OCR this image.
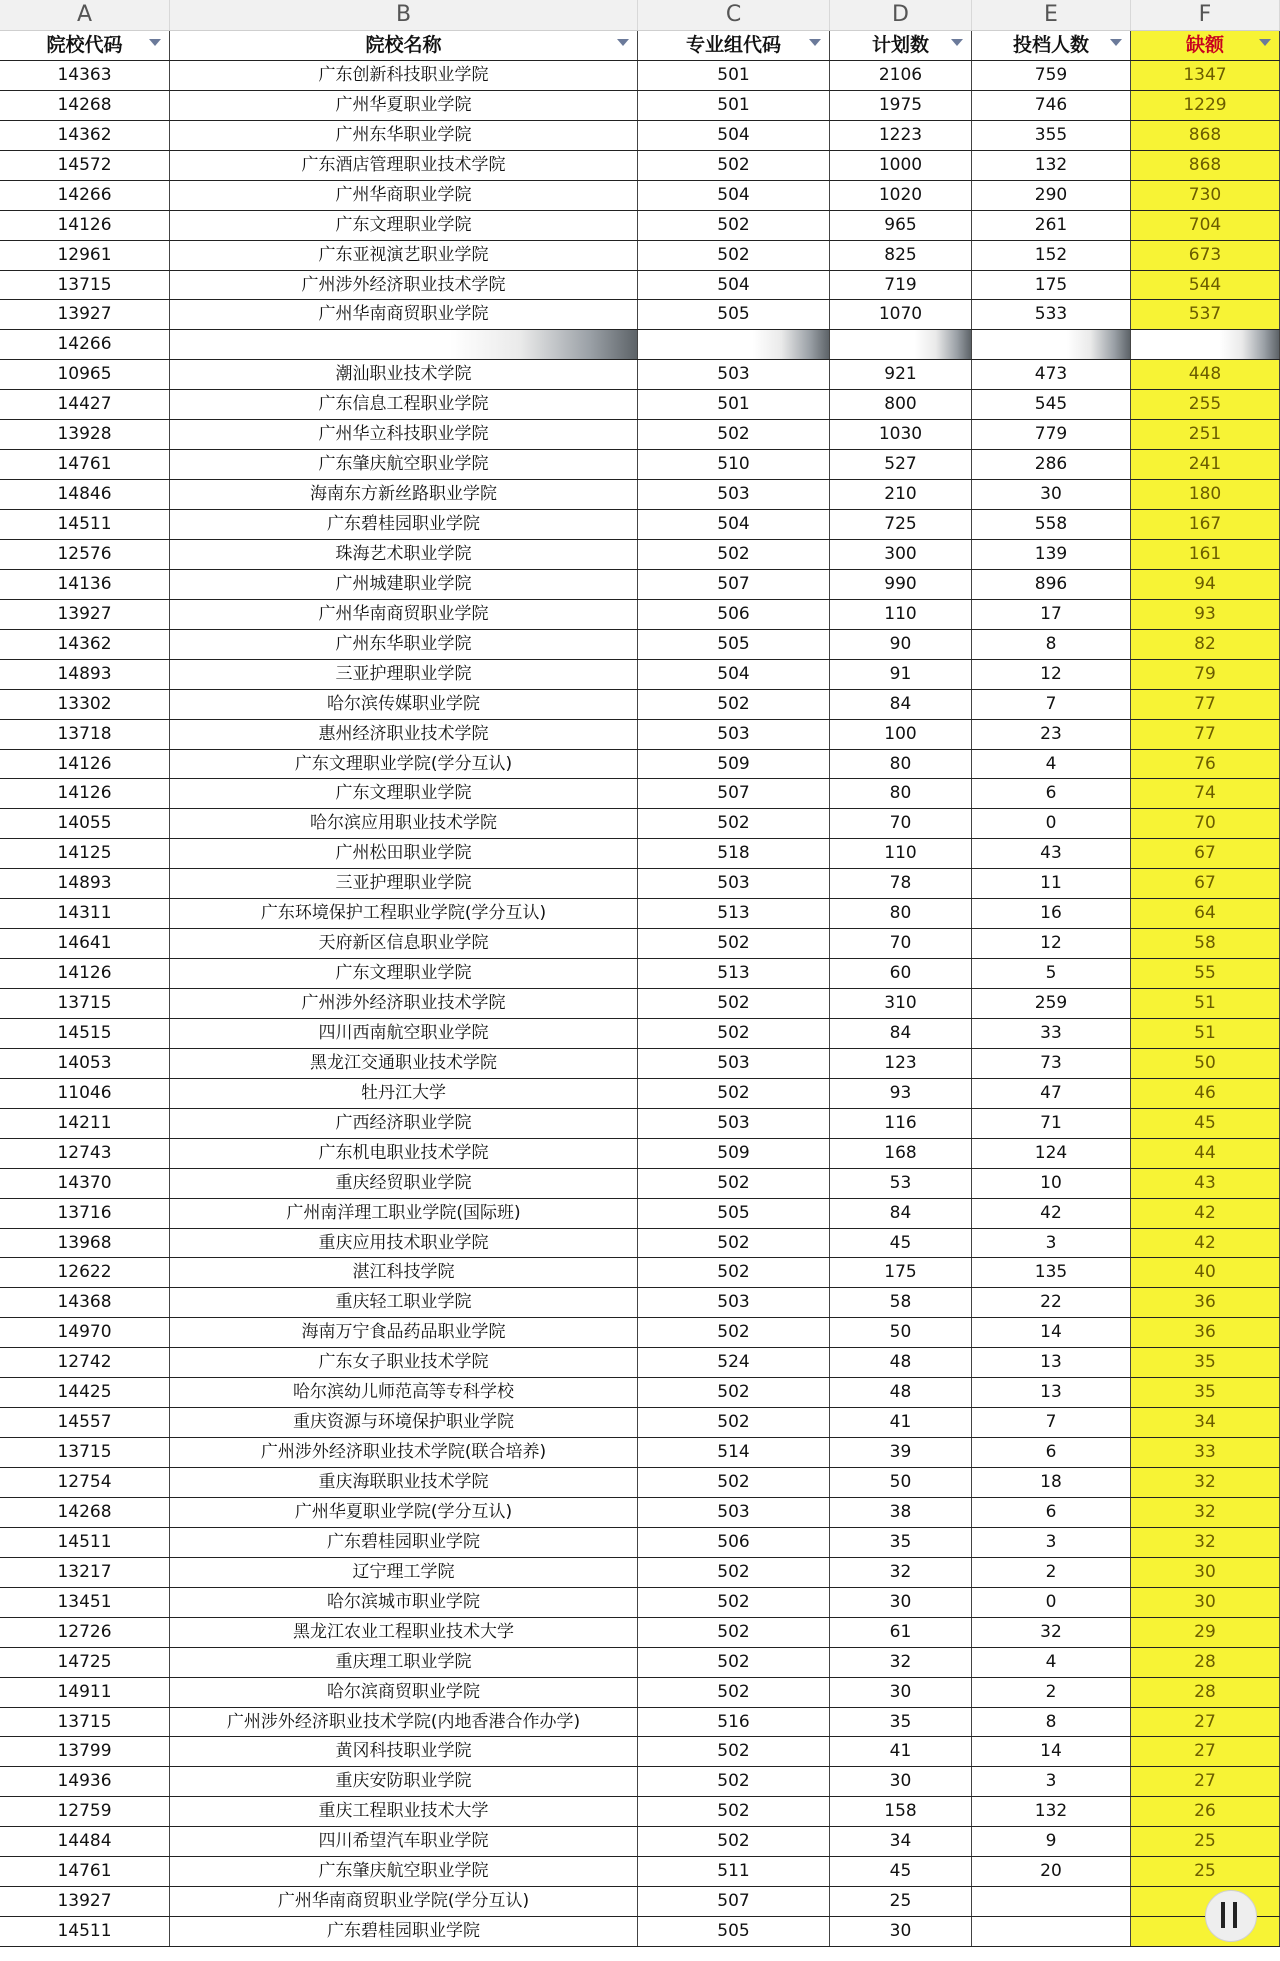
A	B	C	D	E	F
院校代码	院校名称	专业组代码	计划数	投档人数	缺额
14363	广东创新科技职业学院	501	2106	759	1347
14268	广州华夏职业学院	501	1975	746	1229
14362	广州东华职业学院	504	1223	355	868
14572	广东酒店管理职业技术学院	502	1000	132	868
14266	广州华商职业学院	504	1020	290	730
14126	广东文理职业学院	502	965	261	704
12961	广东亚视演艺职业学院	502	825	152	673
13715	广州涉外经济职业技术学院	504	719	175	544
13927	广州华南商贸职业学院	505	1070	533	537
14266
10965	潮汕职业技术学院	503	921	473	448
14427	广东信息工程职业学院	501	800	545	255
13928	广州华立科技职业学院	502	1030	779	251
14761	广东肇庆航空职业学院	510	527	286	241
14846	海南东方新丝路职业学院	503	210	30	180
14511	广东碧桂园职业学院	504	725	558	167
12576	珠海艺术职业学院	502	300	139	161
14136	广州城建职业学院	507	990	896	94
13927	广州华南商贸职业学院	506	110	17	93
14362	广州东华职业学院	505	90	8	82
14893	三亚护理职业学院	504	91	12	79
13302	哈尔滨传媒职业学院	502	84	7	77
13718	惠州经济职业技术学院	503	100	23	77
14126	广东文理职业学院(学分互认)	509	80	4	76
14126	广东文理职业学院	507	80	6	74
14055	哈尔滨应用职业技术学院	502	70	0	70
14125	广州松田职业学院	518	110	43	67
14893	三亚护理职业学院	503	78	11	67
14311	广东环境保护工程职业学院(学分互认)	513	80	16	64
14641	天府新区信息职业学院	502	70	12	58
14126	广东文理职业学院	513	60	5	55
13715	广州涉外经济职业技术学院	502	310	259	51
14515	四川西南航空职业学院	502	84	33	51
14053	黑龙江交通职业技术学院	503	123	73	50
11046	牡丹江大学	502	93	47	46
14211	广西经济职业学院	503	116	71	45
12743	广东机电职业技术学院	509	168	124	44
14370	重庆经贸职业学院	502	53	10	43
13716	广州南洋理工职业学院(国际班)	505	84	42	42
13968	重庆应用技术职业学院	502	45	3	42
12622	湛江科技学院	502	175	135	40
14368	重庆轻工职业学院	503	58	22	36
14970	海南万宁食品药品职业学院	502	50	14	36
12742	广东女子职业技术学院	524	48	13	35
14425	哈尔滨幼儿师范高等专科学校	502	48	13	35
14557	重庆资源与环境保护职业学院	502	41	7	34
13715	广州涉外经济职业技术学院(联合培养)	514	39	6	33
12754	重庆海联职业技术学院	502	50	18	32
14268	广州华夏职业学院(学分互认)	503	38	6	32
14511	广东碧桂园职业学院	506	35	3	32
13217	辽宁理工学院	502	32	2	30
13451	哈尔滨城市职业学院	502	30	0	30
12726	黑龙江农业工程职业技术大学	502	61	32	29
14725	重庆理工职业学院	502	32	4	28
14911	哈尔滨商贸职业学院	502	30	2	28
13715	广州涉外经济职业技术学院(内地香港合作办学)	516	35	8	27
13799	黄冈科技职业学院	502	41	14	27
14936	重庆安防职业学院	502	30	3	27
12759	重庆工程职业技术大学	502	158	132	26
14484	四川希望汽车职业学院	502	34	9	25
14761	广东肇庆航空职业学院	511	45	20	25
13927	广州华南商贸职业学院(学分互认)	507	25
14511	广东碧桂园职业学院	505	30
